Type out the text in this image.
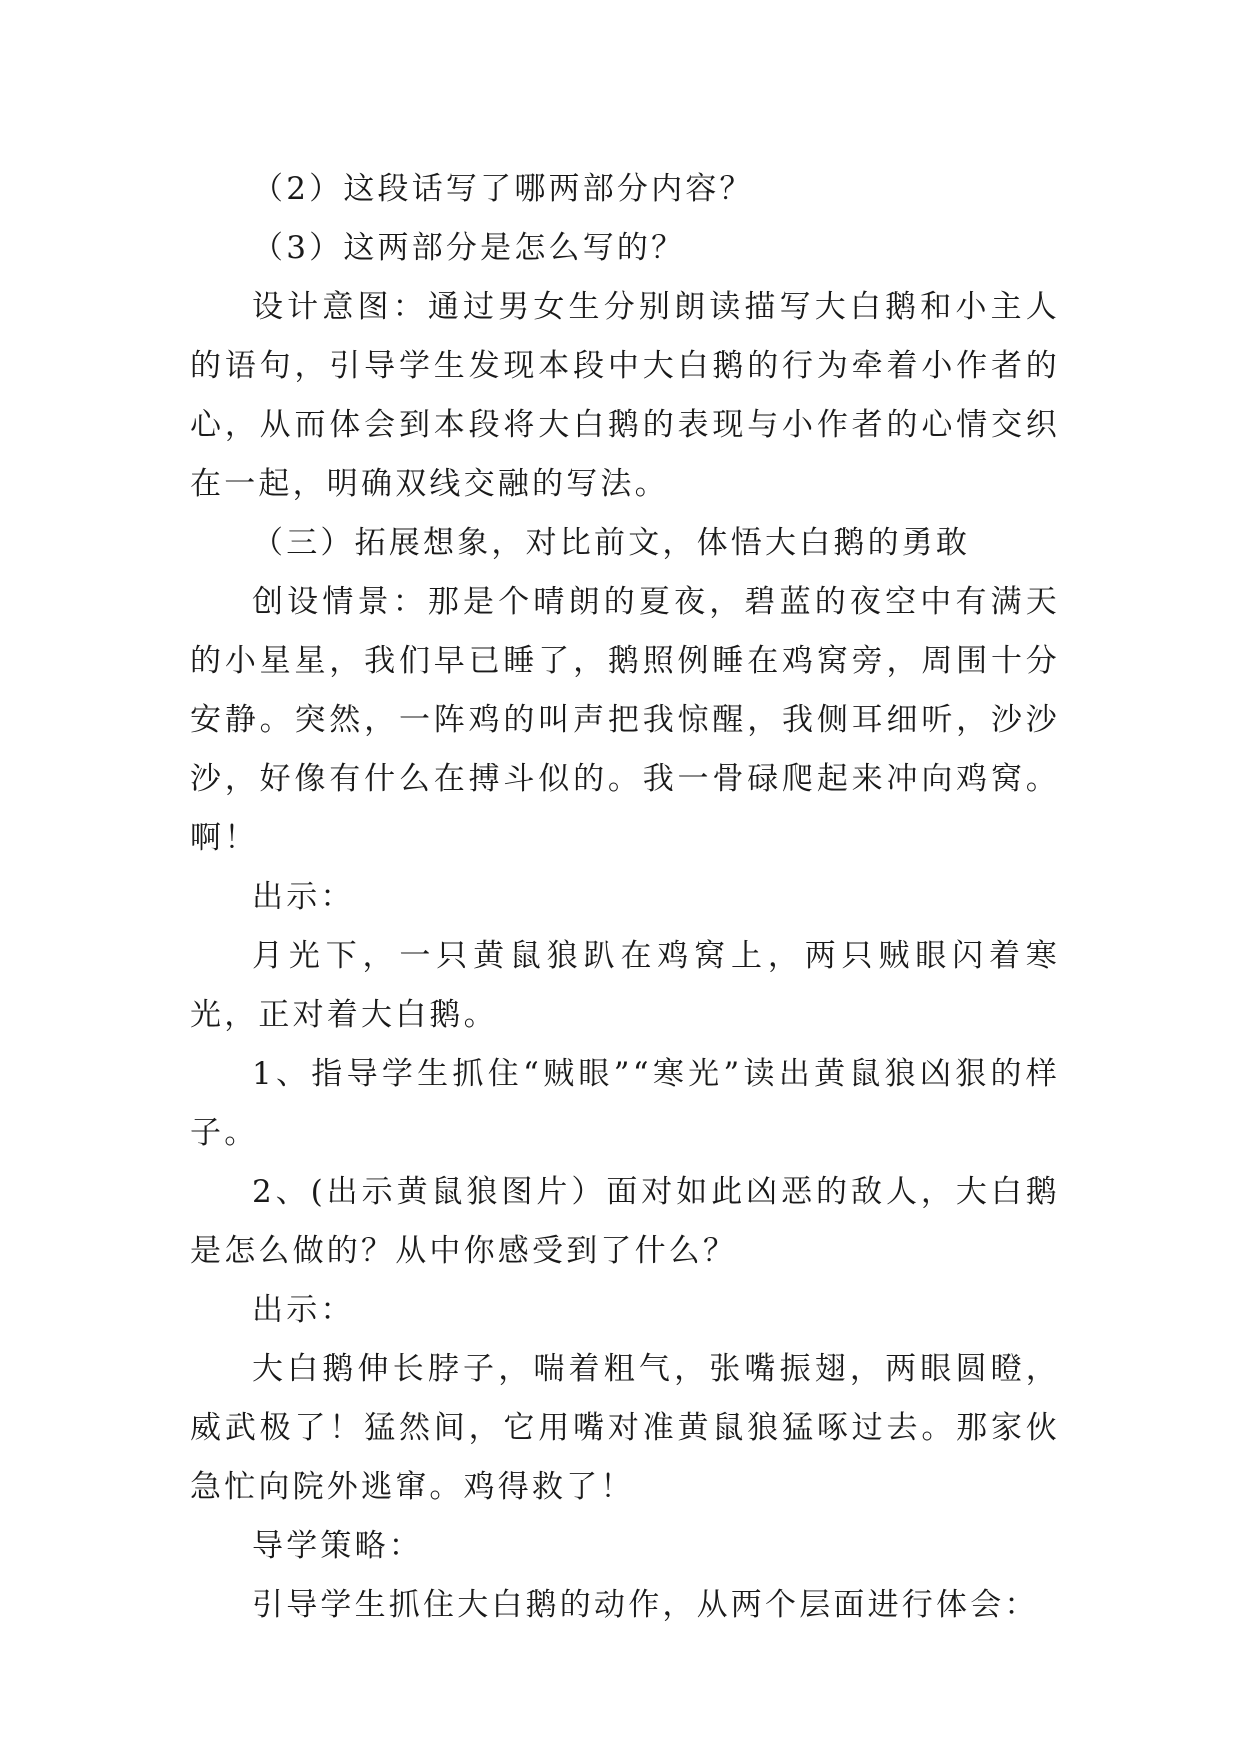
（2）这段话写了哪两部分内容？

（3）这两部分是怎么写的？

设计意图：通过男女生分别朗读描写大白鹅和小主人的语句，引导学生发现本段中大白鹅的行为牵着小作者的心，从而体会到本段将大白鹅的表现与小作者的心情交织在一起，明确双线交融的写法。

（三）拓展想象，对比前文，体悟大白鹅的勇敢

创设情景：那是个晴朗的夏夜，碧蓝的夜空中有满天的小星星，我们早已睡了，鹅照例睡在鸡窝旁，周围十分安静。突然，一阵鸡的叫声把我惊醒，我侧耳细听，沙沙沙，好像有什么在搏斗似的。我一骨碌爬起来冲向鸡窝。啊！

出示：

月光下，一只黄鼠狼趴在鸡窝上，两只贼眼闪着寒光，正对着大白鹅。

1、指导学生抓住“贼眼”“寒光”读出黄鼠狼凶狠的样子。

2、(出示黄鼠狼图片）面对如此凶恶的敌人，大白鹅是怎么做的？从中你感受到了什么？

出示：

大白鹅伸长脖子，喘着粗气，张嘴振翅，两眼圆瞪，威武极了！猛然间，它用嘴对准黄鼠狼猛啄过去。那家伙急忙向院外逃窜。鸡得救了！

导学策略：

引导学生抓住大白鹅的动作，从两个层面进行体会：
